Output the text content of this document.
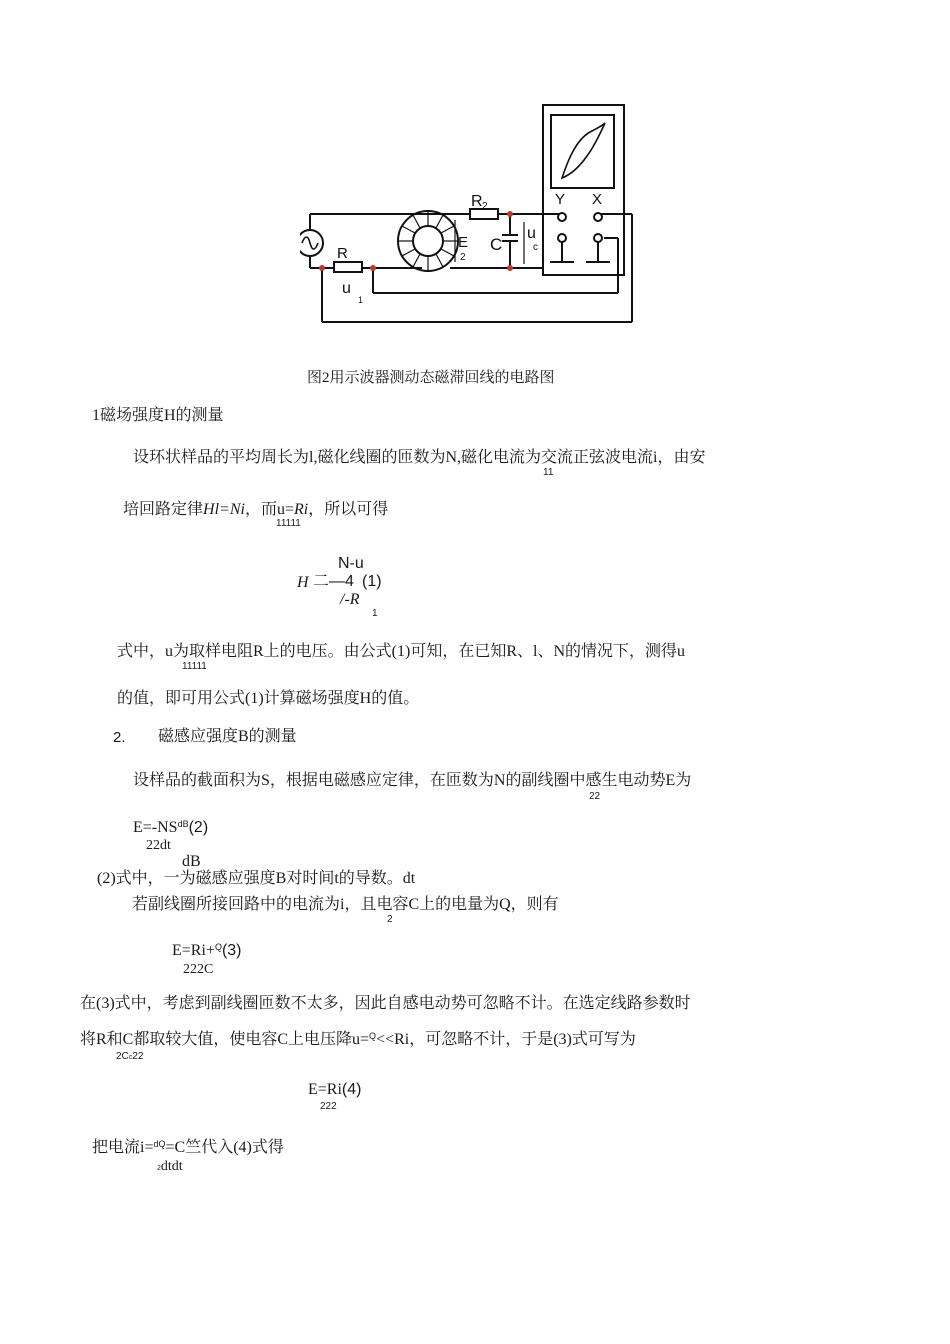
R 2	Y X
C
E
2
u
c
R
u
1
图2用示波器测动态磁滞回线的电路图
1磁场强度H的测量
设环状样品的平均周长为l,磁化线圈的匝数为N,磁化电流为交流正弦波电流i，由安
11
培回路定律Hl=Ni，而u=Ri，所以可得
11111
N-u
H 二—4 (1)
/-R
1
式中，u为取样电阻R上的电压。由公式(1)可知，在已知R、l、N的情况下，测得u
11111
的值，即可用公式(1)计算磁场强度H的值。
2. 磁感应强度B的测量
设样品的截面积为S，根据电磁感应定律，在匝数为N的副线圈中感生电动势E为
22
$E=-NS^{dB}(2)$
22dt
dB
(2)式中，一为磁感应强度B对时间t的导数。dt
若副线圈所接回路中的电流为i，且电容C上的电量为Q，则有
2
E=Ri+$^Q$(3)
222C
在(3)式中，考虑到副线圈匝数不太多，因此自感电动势可忽略不计。在选定线路参数时
将R和C都取较大值，使电容C上电压降u=$^Q$<<Ri，可忽略不计，于是(3)式可写为
2Cc22
E=Ri(4)
222
把电流i=$^{dQ}$=C竺代入(4)式得
2dtdt
